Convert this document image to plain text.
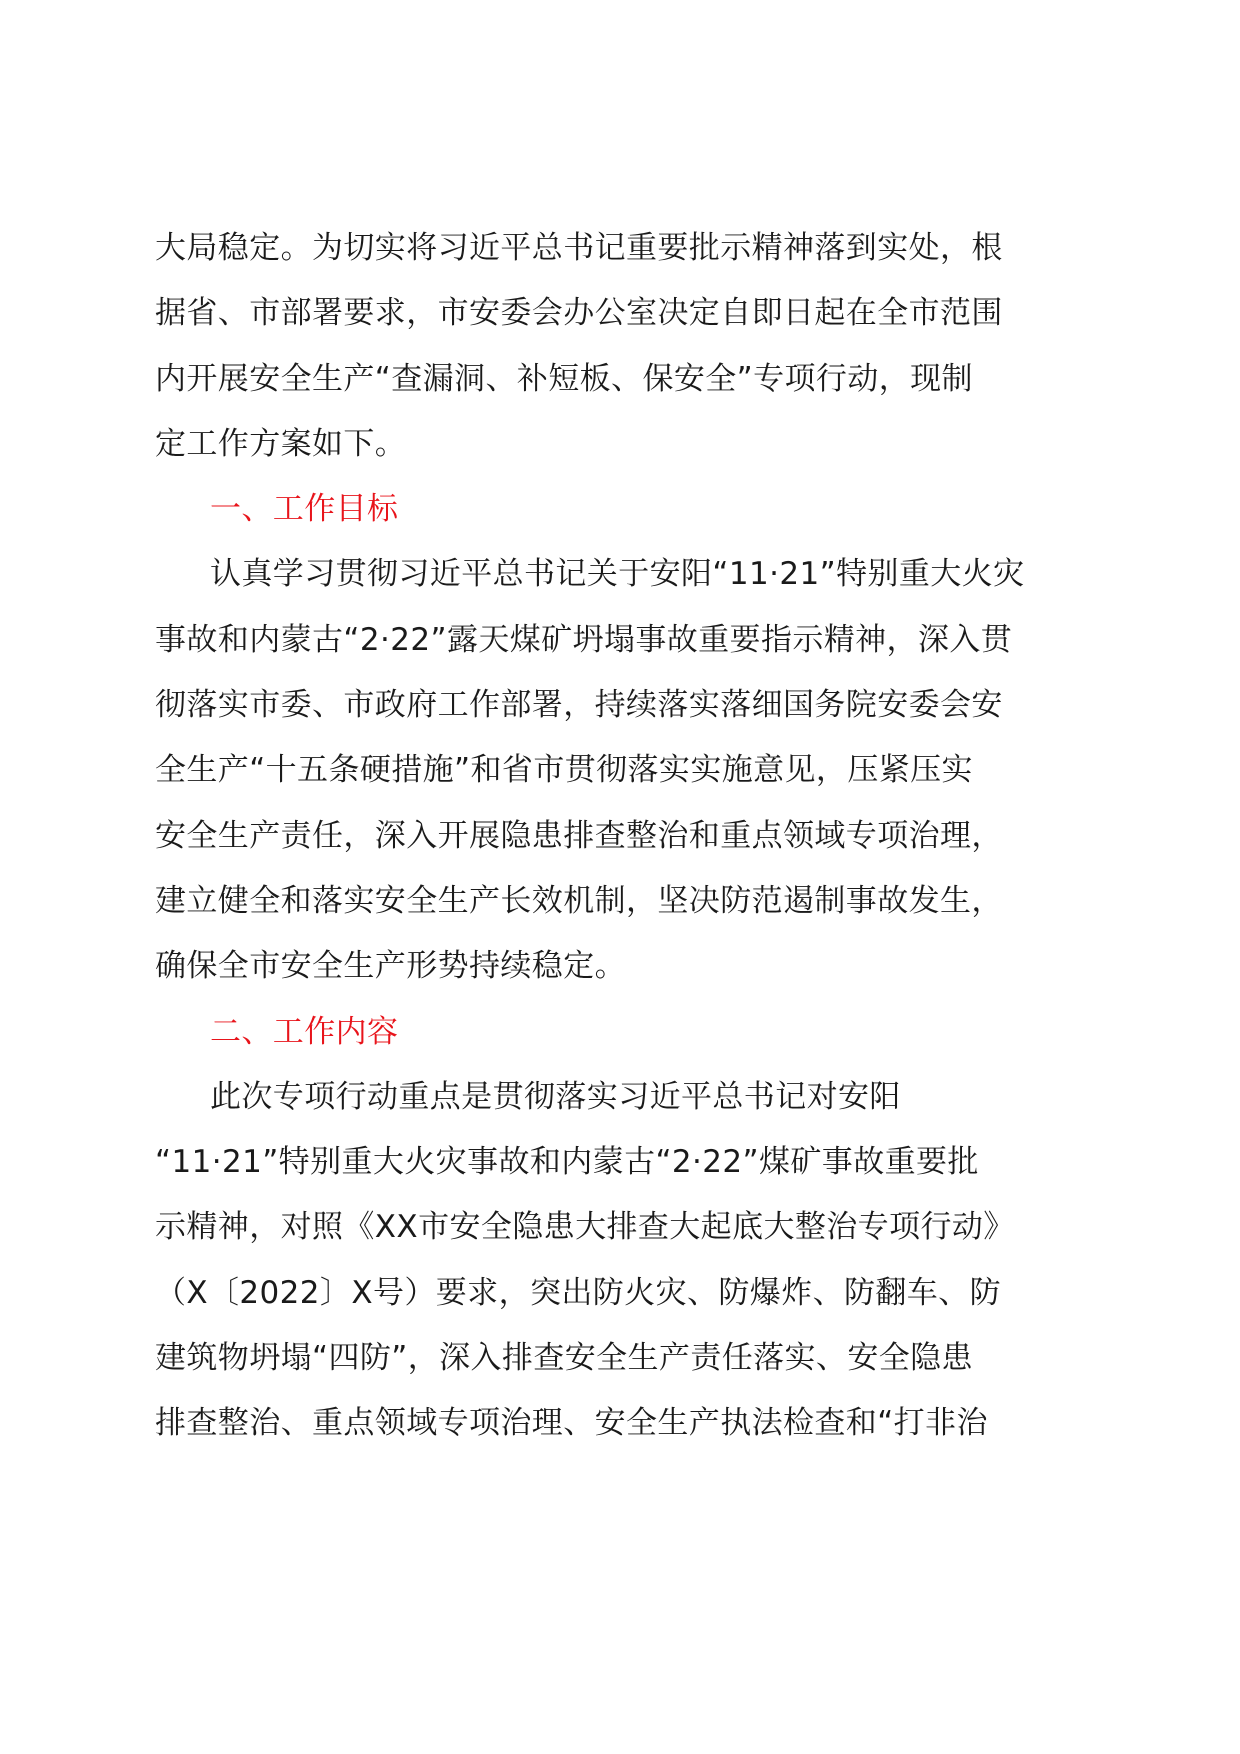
大局稳定。为切实将习近平总书记重要批示精神落到实处，根
据省、市部署要求，市安委会办公室决定自即日起在全市范围
内开展安全生产“查漏洞、补短板、保安全”专项行动，现制
定工作方案如下。
一、工作目标
认真学习贯彻习近平总书记关于安阳“11·21”特别重大火灾
事故和内蒙古“2·22”露天煤矿坍塌事故重要指示精神，深入贯
彻落实市委、市政府工作部署，持续落实落细国务院安委会安
全生产“十五条硬措施”和省市贯彻落实实施意见，压紧压实
安全生产责任，深入开展隐患排查整治和重点领域专项治理，
建立健全和落实安全生产长效机制，坚决防范遏制事故发生，
确保全市安全生产形势持续稳定。
二、工作内容
此次专项行动重点是贯彻落实习近平总书记对安阳
“11·21”特别重大火灾事故和内蒙古“2·22”煤矿事故重要批
示精神，对照《XX市安全隐患大排查大起底大整治专项行动》
（X〔2022〕X号）要求，突出防火灾、防爆炸、防翻车、防
建筑物坍塌“四防”，深入排查安全生产责任落实、安全隐患
排查整治、重点领域专项治理、安全生产执法检查和“打非治
